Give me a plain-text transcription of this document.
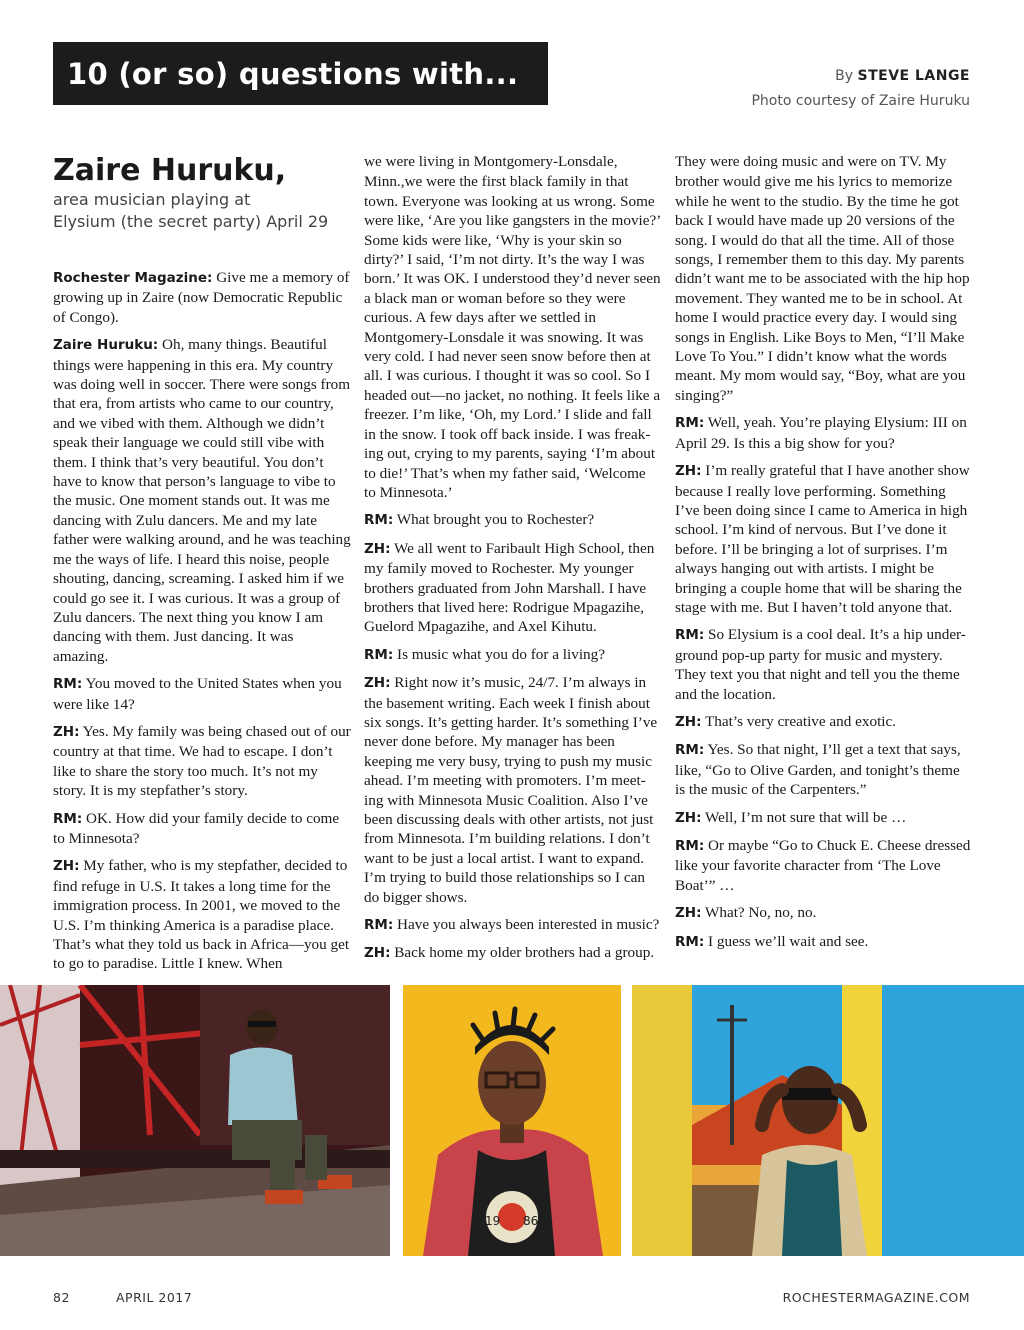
10 (or so) questions with...	By STEVE LANGE
Photo courtesy of Zaire Huruku
Zaire Huruku,
area musician playing at
Elysium (the secret party) April 29

Rochester Magazine: Give me a memory of growing up in Zaire (now Democratic Republic of Congo).

Zaire Huruku: Oh, many things. Beautiful things were happening in this era. My country was doing well in soccer. There were songs from that era, from artists who came to our country, and we vibed with them. Although we didn’t speak their language we could still vibe with them. I think that’s very beautiful. You don’t have to know that person’s language to vibe to the music. One moment stands out. It was me dancing with Zulu dancers. Me and my late father were walking around, and he was teaching me the ways of life. I heard this noise, people shouting, dancing, screaming. I asked him if we could go see it. I was curious. It was a group of Zulu dancers. The next thing you know I am dancing with them. Just dancing. It was amazing.

RM: You moved to the United States when you were like 14?

ZH: Yes. My family was being chased out of our country at that time. We had to escape. I don’t like to share the story too much. It’s not my story. It is my stepfather’s story.

RM: OK. How did your family decide to come to Minnesota?

ZH: My father, who is my stepfather, decided to find refuge in U.S. It takes a long time for the immigration process. In 2001, we moved to the U.S. I’m thinking America is a paradise place. That’s what they told us back in Africa—you get to go to paradise. Little I knew. When

we were living in Montgomery-Lonsdale, Minn.,we were the first black family in that town. Everyone was looking at us wrong. Some were like, ‘Are you like gangsters in the movie?’ Some kids were like, ‘Why is your skin so dirty?’ I said, ‘I’m not dirty. It’s the way I was born.’ It was OK. I understood they’d never seen a black man or woman before so they were curious. A few days after we settled in Montgomery-Lonsdale it was snowing. It was very cold. I had never seen snow before then at all. I was curious. I thought it was so cool. So I headed out—no jacket, no nothing. It feels like a freezer. I’m like, ‘Oh, my Lord.’ I slide and fall in the snow. I took off back inside. I was freak-ing out, crying to my parents, saying ‘I’m about to die!’ That’s when my father said, ‘Welcome to Minnesota.’

RM: What brought you to Rochester?

ZH: We all went to Faribault High School, then my family moved to Rochester. My younger brothers graduated from John Marshall. I have brothers that lived here: Rodrigue Mpagazihe, Guelord Mpagazihe, and Axel Kihutu.

RM: Is music what you do for a living?

ZH: Right now it’s music, 24/7. I’m always in the basement writing. Each week I finish about six songs. It’s getting harder. It’s something I’ve never done before. My manager has been keeping me very busy, trying to push my music ahead. I’m meeting with promoters. I’m meet-ing with Minnesota Music Coalition. Also I’ve been discussing deals with other artists, not just from Minnesota. I’m building relations. I don’t want to be just a local artist. I want to expand. I’m trying to build those relationships so I can do bigger shows.

RM: Have you always been interested in music?

ZH: Back home my older brothers had a group.

They were doing music and were on TV. My brother would give me his lyrics to memorize while he went to the studio. By the time he got back I would have made up 20 versions of the song. I would do that all the time. All of those songs, I remember them to this day. My parents didn’t want me to be associated with the hip hop movement. They wanted me to be in school. At home I would practice every day. I would sing songs in English. Like Boys to Men, “I’ll Make Love To You.” I didn’t know what the words meant. My mom would say, “Boy, what are you singing?”

RM: Well, yeah. You’re playing Elysium: III on April 29. Is this a big show for you?

ZH: I’m really grateful that I have another show because I really love performing. Something I’ve been doing since I came to America in high school. I’m kind of nervous. But I’ve done it before. I’ll be bringing a lot of surprises. I’m always hanging out with artists. I might be bringing a couple home that will be sharing the stage with me. But I haven’t told anyone that.

RM: So Elysium is a cool deal. It’s a hip under-ground pop-up party for music and mystery. They text you that night and tell you the theme and the location.

ZH: That’s very creative and exotic.

RM: Yes. So that night, I’ll get a text that says, like, “Go to Olive Garden, and tonight’s theme is the music of the Carpenters.”

ZH: Well, I’m not sure that will be …

RM: Or maybe “Go to Chuck E. Cheese dressed like your favorite character from ‘The Love Boat’” …

ZH: What? No, no, no.

RM: I guess we’ll wait and see.

19 86
82	APRIL 2017	ROCHESTERMAGAZINE.COM
